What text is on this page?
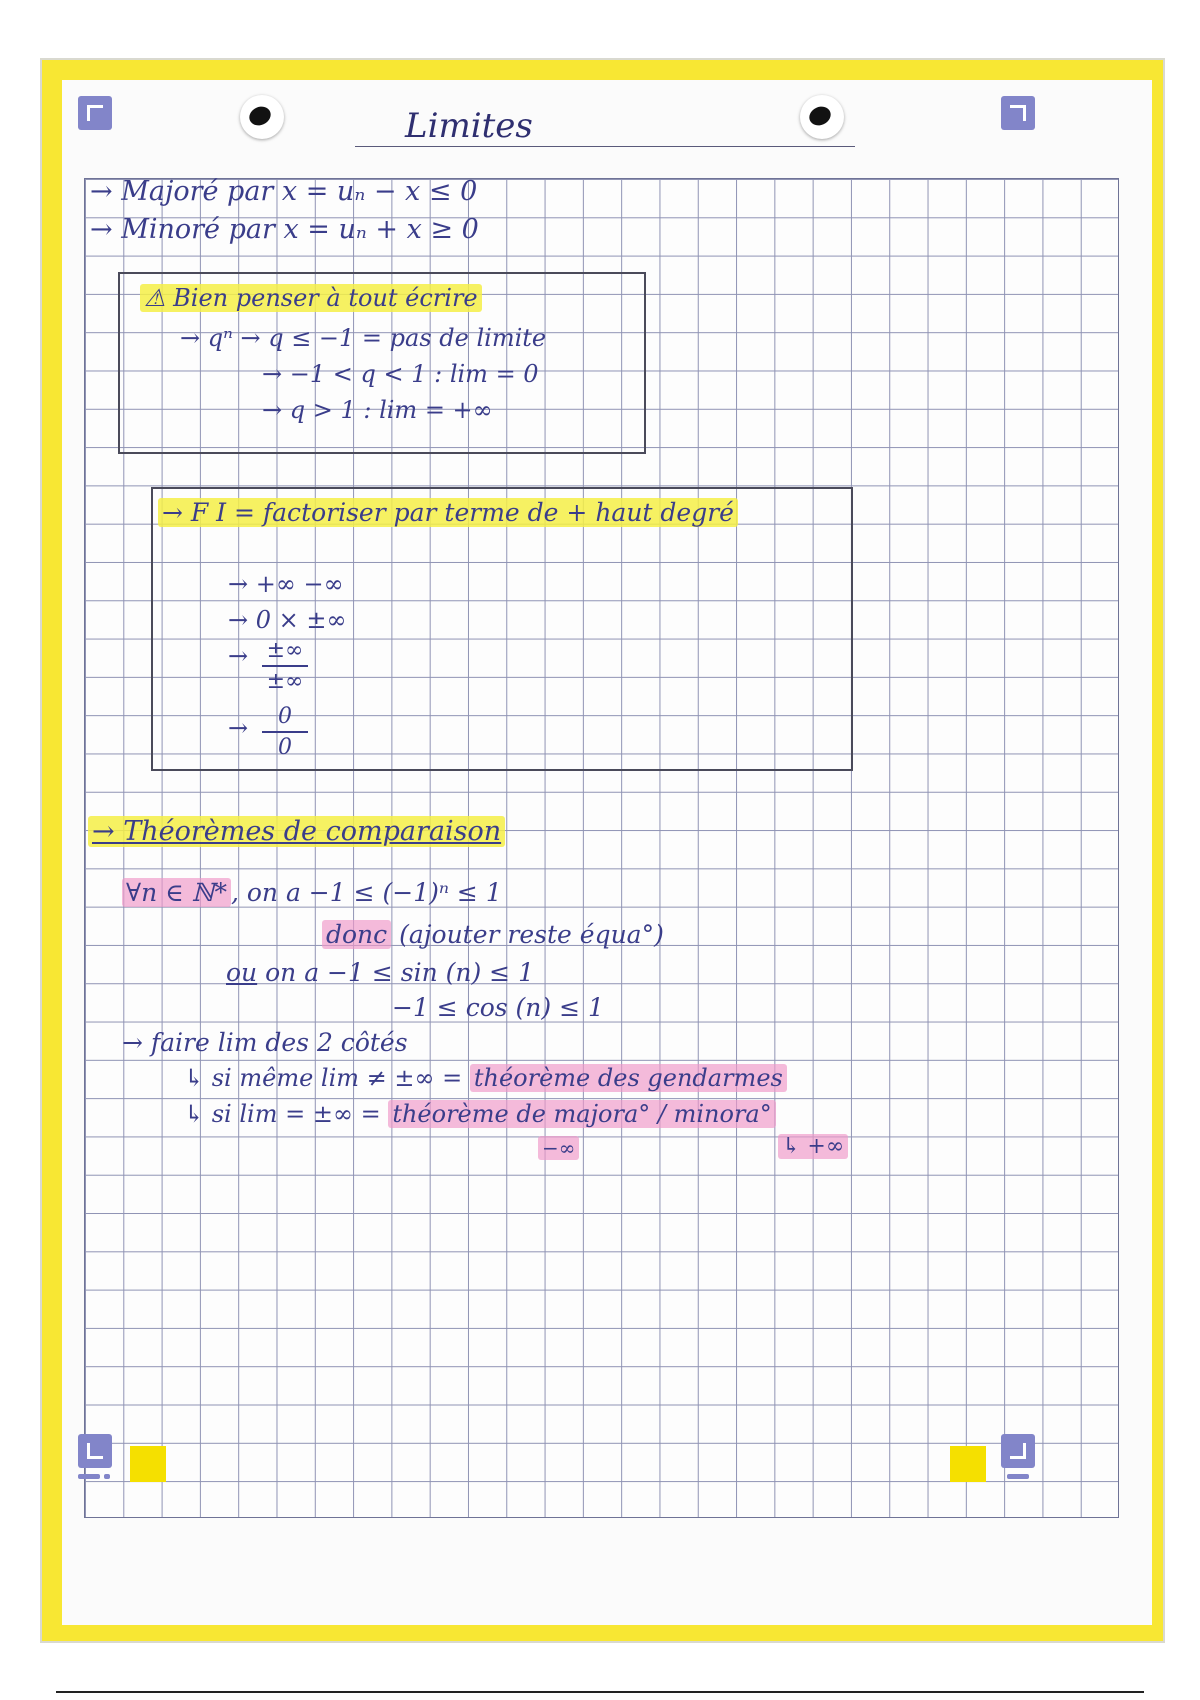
Limites
→ Majoré par x = uₙ − x ≤ 0
→ Minoré par x = uₙ + x ≥ 0
⚠ Bien penser à tout écrire
→ qⁿ → q ≤ −1 = pas de limite
→ −1 < q < 1 : lim = 0
→ q > 1 : lim = +∞
→ F I = factoriser par terme de + haut degré
→ +∞ −∞
→ 0 × ±∞
→ ±∞
±∞
→ 0
0
→ Théorèmes de comparaison
∀n ∈ ℕ* , on a −1 ≤ (−1)ⁿ ≤ 1
donc (ajouter reste équa°)
ou on a −1 ≤ sin (n) ≤ 1
−1 ≤ cos (n) ≤ 1
→ faire lim des 2 côtés
↳ si même lim ≠ ±∞ = théorème des gendarmes
↳ si lim = ±∞ = théorème de majora° / minora°
−∞	↳ +∞
